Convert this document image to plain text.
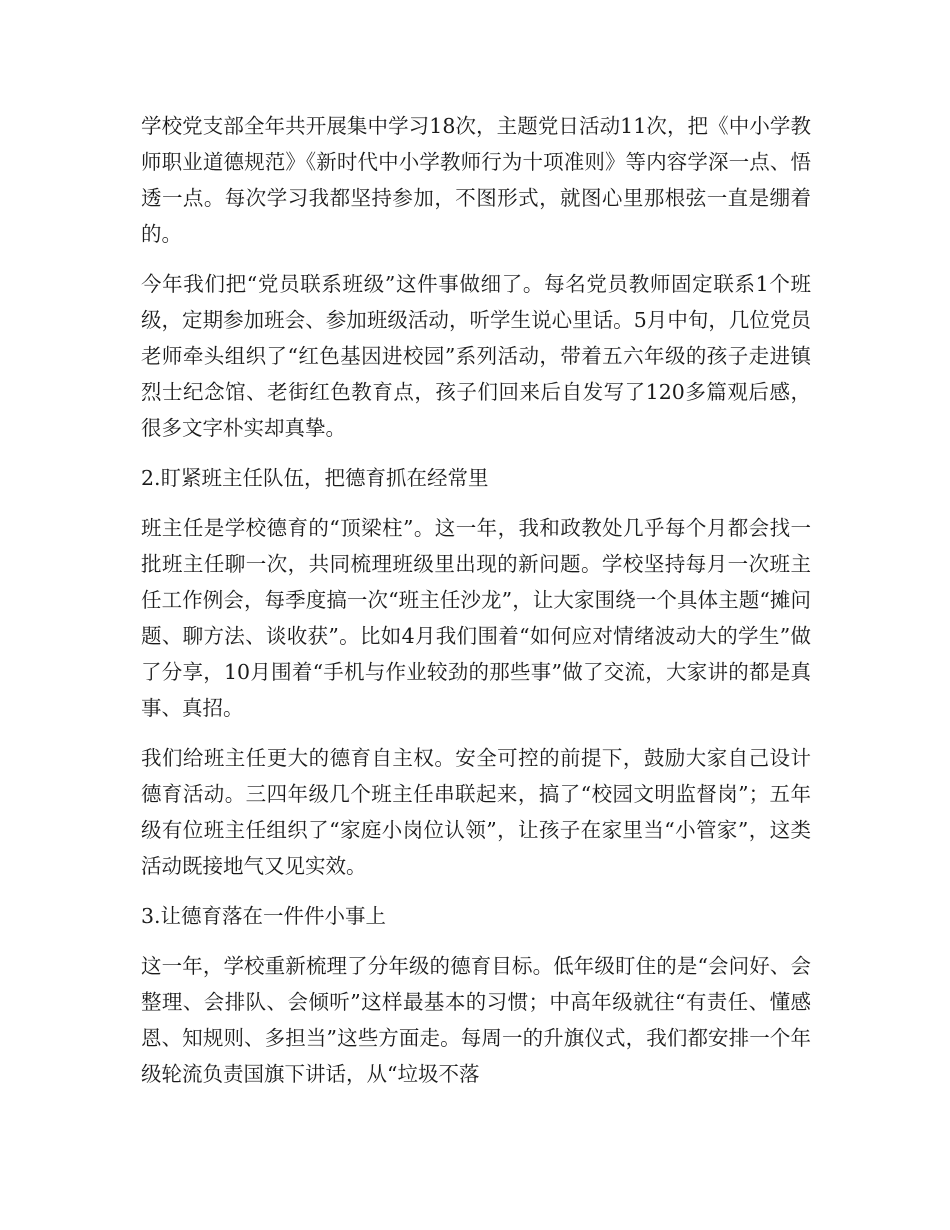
学校党支部全年共开展集中学习18次，主题党日活动11次，把《中小学教师职业道德规范》《新时代中小学教师行为十项准则》等内容学深一点、悟透一点。每次学习我都坚持参加，不图形式，就图心里那根弦一直是绷着的。

今年我们把“党员联系班级”这件事做细了。每名党员教师固定联系1个班级，定期参加班会、参加班级活动，听学生说心里话。5月中旬，几位党员老师牵头组织了“红色基因进校园”系列活动，带着五六年级的孩子走进镇烈士纪念馆、老街红色教育点，孩子们回来后自发写了120多篇观后感，很多文字朴实却真挚。

2.盯紧班主任队伍，把德育抓在经常里

班主任是学校德育的“顶梁柱”。这一年，我和政教处几乎每个月都会找一批班主任聊一次，共同梳理班级里出现的新问题。学校坚持每月一次班主任工作例会，每季度搞一次“班主任沙龙”，让大家围绕一个具体主题“摊问题、聊方法、谈收获”。比如4月我们围着“如何应对情绪波动大的学生”做了分享，10月围着“手机与作业较劲的那些事”做了交流，大家讲的都是真事、真招。

我们给班主任更大的德育自主权。安全可控的前提下，鼓励大家自己设计德育活动。三四年级几个班主任串联起来，搞了“校园文明监督岗”；五年级有位班主任组织了“家庭小岗位认领”，让孩子在家里当“小管家”，这类活动既接地气又见实效。

3.让德育落在一件件小事上

这一年，学校重新梳理了分年级的德育目标。低年级盯住的是“会问好、会整理、会排队、会倾听”这样最基本的习惯；中高年级就往“有责任、懂感恩、知规则、多担当”这些方面走。每周一的升旗仪式，我们都安排一个年级轮流负责国旗下讲话，从“垃圾不落
